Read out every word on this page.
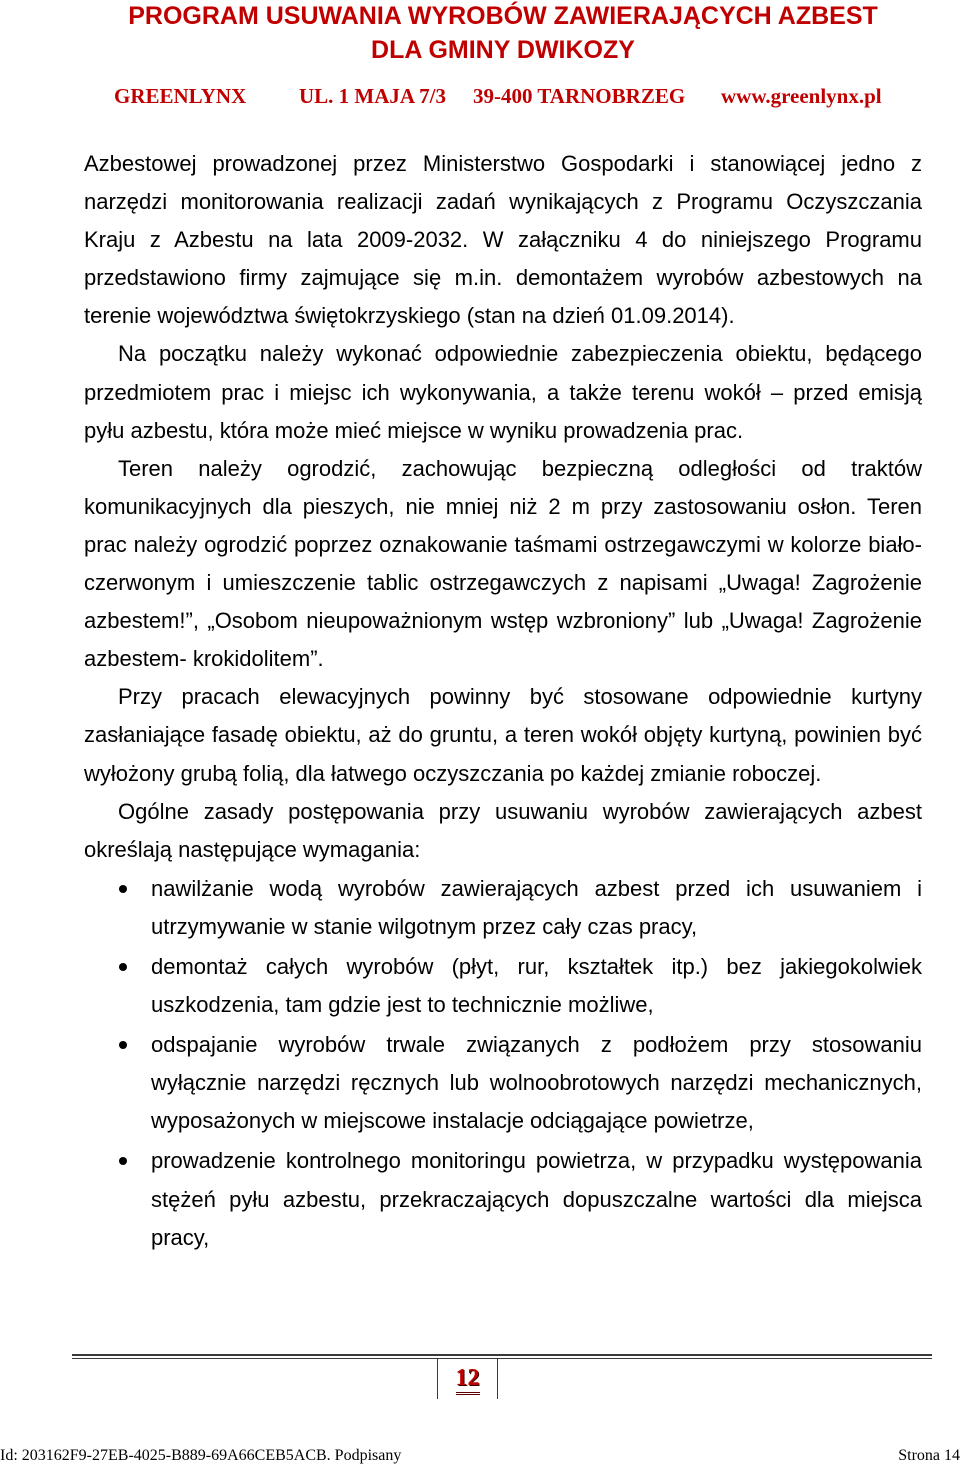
PROGRAM USUWANIA WYROBÓW ZAWIERAJĄCYCH AZBEST
DLA GMINY DWIKOZY
GREENLYNX	UL. 1 MAJA 7/3 39-400 TARNOBRZEG www.greenlynx.pl
Azbestowej prowadzonej przez Ministerstwo Gospodarki i stanowiącej jedno z
narzędzi monitorowania realizacji zadań wynikających z Programu Oczyszczania
Kraju z Azbestu na lata 2009-2032. W załączniku 4 do niniejszego Programu
przedstawiono firmy zajmujące się m.in. demontażem wyrobów azbestowych na
terenie województwa świętokrzyskiego (stan na dzień 01.09.2014).
Na początku należy wykonać odpowiednie zabezpieczenia obiektu, będącego
przedmiotem prac i miejsc ich wykonywania, a także terenu wokół – przed emisją
pyłu azbestu, która może mieć miejsce w wyniku prowadzenia prac.
Teren należy ogrodzić, zachowując bezpieczną odległości od traktów
komunikacyjnych dla pieszych, nie mniej niż 2 m przy zastosowaniu osłon. Teren
prac należy ogrodzić poprzez oznakowanie taśmami ostrzegawczymi w kolorze biało-
czerwonym i umieszczenie tablic ostrzegawczych z napisami „Uwaga! Zagrożenie
azbestem!”, „Osobom nieupoważnionym wstęp wzbroniony” lub „Uwaga! Zagrożenie
azbestem- krokidolitem”.
Przy pracach elewacyjnych powinny być stosowane odpowiednie kurtyny
zasłaniające fasadę obiektu, aż do gruntu, a teren wokół objęty kurtyną, powinien być
wyłożony grubą folią, dla łatwego oczyszczania po każdej zmianie roboczej.
Ogólne zasady postępowania przy usuwaniu wyrobów zawierających azbest
określają następujące wymagania:
nawilżanie wodą wyrobów zawierających azbest przed ich usuwaniem i
utrzymywanie w stanie wilgotnym przez cały czas pracy,
demontaż całych wyrobów (płyt, rur, kształtek itp.) bez jakiegokolwiek
uszkodzenia, tam gdzie jest to technicznie możliwe,
odspajanie wyrobów trwale związanych z podłożem przy stosowaniu
wyłącznie narzędzi ręcznych lub wolnoobrotowych narzędzi mechanicznych,
wyposażonych w miejscowe instalacje odciągające powietrze,
prowadzenie kontrolnego monitoringu powietrza, w przypadku występowania
stężeń pyłu azbestu, przekraczających dopuszczalne wartości dla miejsca
pracy,
12
Id: 203162F9-27EB-4025-B889-69A66CEB5ACB. Podpisany	Strona 14
